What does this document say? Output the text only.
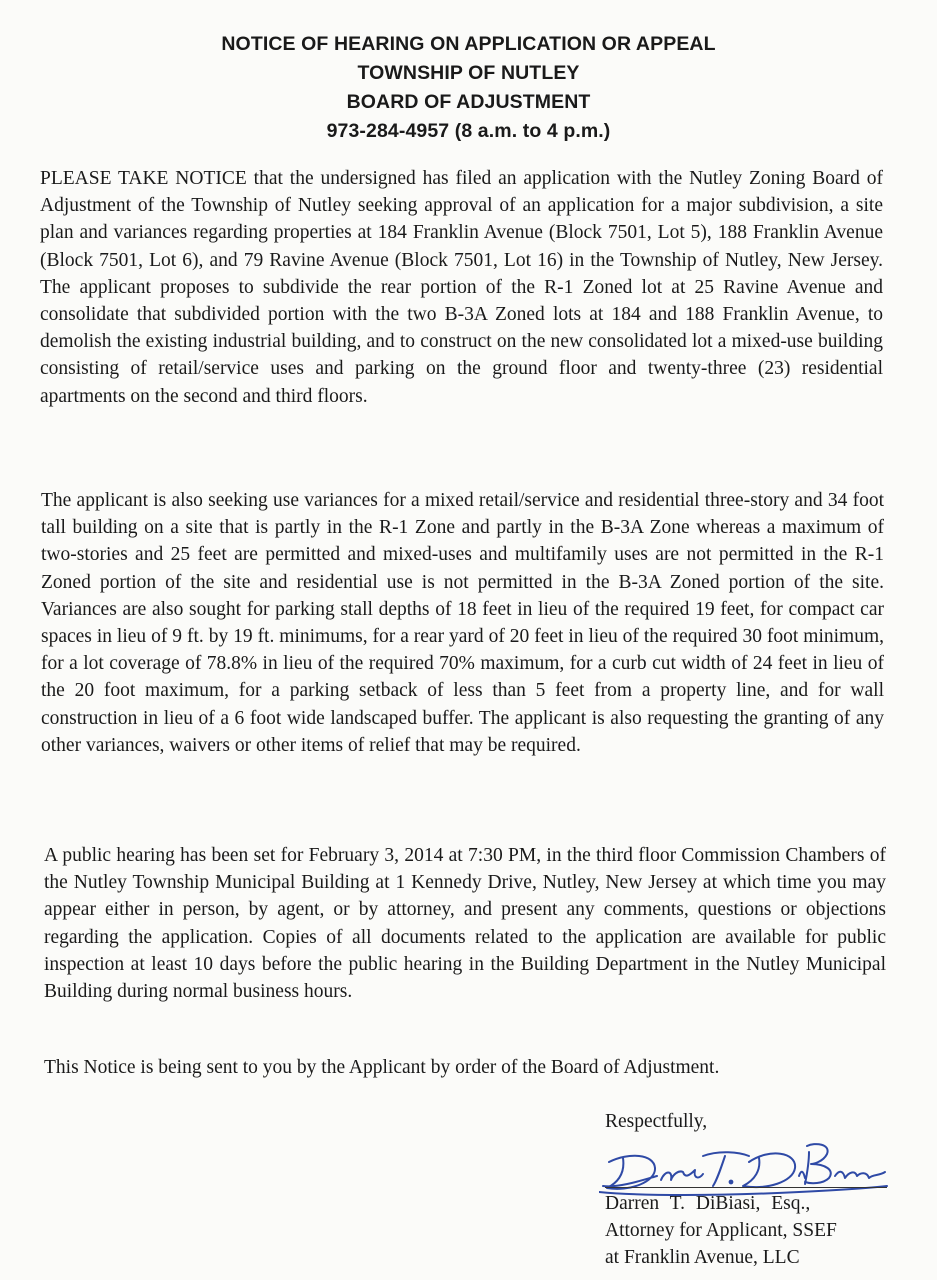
NOTICE OF HEARING ON APPLICATION OR APPEAL
TOWNSHIP OF NUTLEY
BOARD OF ADJUSTMENT
973-284-4957 (8 a.m. to 4 p.m.)

PLEASE TAKE NOTICE that the undersigned has filed an application with the Nutley Zoning Board of Adjustment of the Township of Nutley seeking approval of an application for a major subdivision, a site plan and variances regarding properties at 184 Franklin Avenue (Block 7501, Lot 5), 188 Franklin Avenue (Block 7501, Lot 6), and 79 Ravine Avenue (Block 7501, Lot 16) in the Township of Nutley, New Jersey. The applicant proposes to subdivide the rear portion of the R-1 Zoned lot at 25 Ravine Avenue and consolidate that subdivided portion with the two B-3A Zoned lots at 184 and 188 Franklin Avenue, to demolish the existing industrial building, and to construct on the new consolidated lot a mixed-use building consisting of retail/service uses and parking on the ground floor and twenty-three (23) residential apartments on the second and third floors.

The applicant is also seeking use variances for a mixed retail/service and residential three-story and 34 foot tall building on a site that is partly in the R-1 Zone and partly in the B-3A Zone whereas a maximum of two-stories and 25 feet are permitted and mixed-uses and multifamily uses are not permitted in the R-1 Zoned portion of the site and residential use is not permitted in the B-3A Zoned portion of the site. Variances are also sought for parking stall depths of 18 feet in lieu of the required 19 feet, for compact car spaces in lieu of 9 ft. by 19 ft. minimums, for a rear yard of 20 feet in lieu of the required 30 foot minimum, for a lot coverage of 78.8% in lieu of the required 70% maximum, for a curb cut width of 24 feet in lieu of the 20 foot maximum, for a parking setback of less than 5 feet from a property line, and for wall construction in lieu of a 6 foot wide landscaped buffer. The applicant is also requesting the granting of any other variances, waivers or other items of relief that may be required.

A public hearing has been set for February 3, 2014 at 7:30 PM, in the third floor Commission Chambers of the Nutley Township Municipal Building at 1 Kennedy Drive, Nutley, New Jersey at which time you may appear either in person, by agent, or by attorney, and present any comments, questions or objections regarding the application. Copies of all documents related to the application are available for public inspection at least 10 days before the public hearing in the Building Department in the Nutley Municipal Building during normal business hours.

This Notice is being sent to you by the Applicant by order of the Board of Adjustment.

Respectfully,
Darren T. DiBiasi, Esq.,
Attorney for Applicant, SSEF
at Franklin Avenue, LLC
